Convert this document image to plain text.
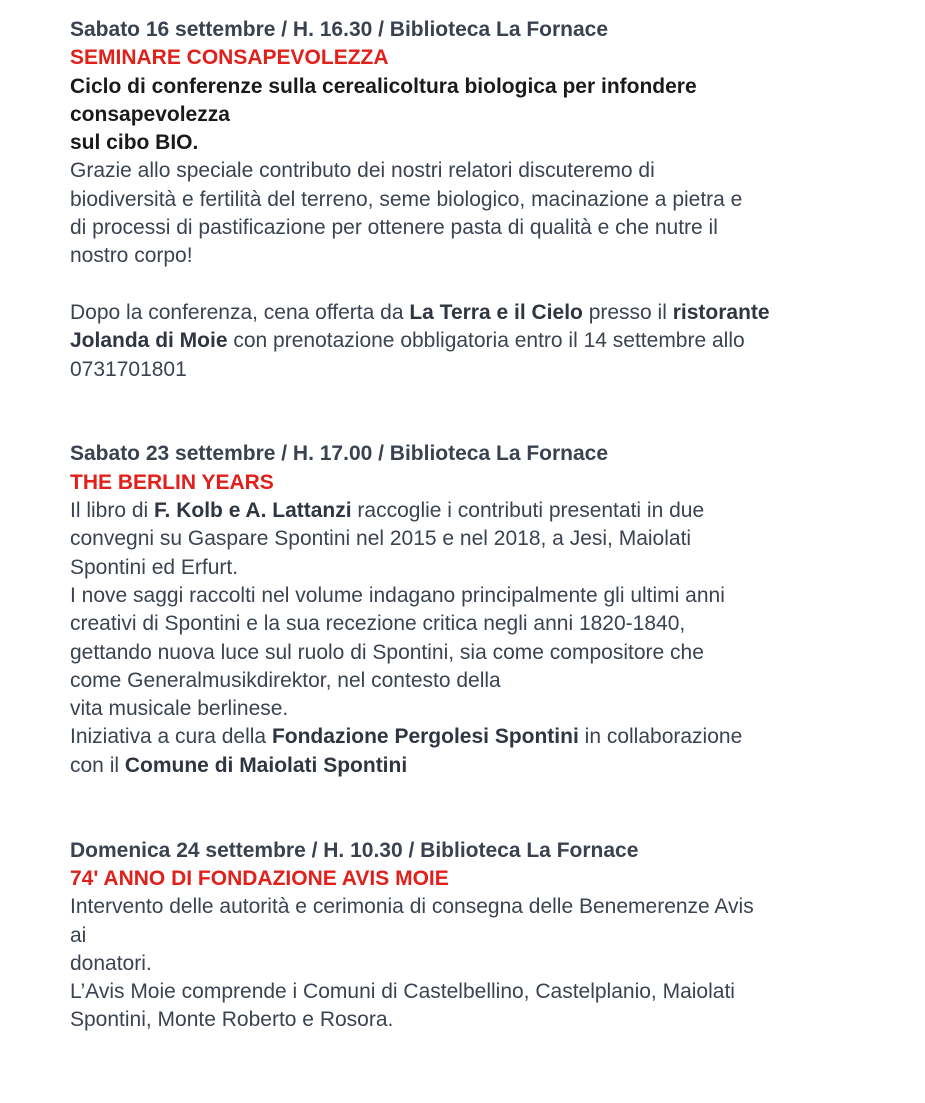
Sabato 16 settembre / H. 16.30 / Biblioteca La Fornace
SEMINARE CONSAPEVOLEZZA
Ciclo di conferenze sulla cerealicoltura biologica per infondere
consapevolezza
sul cibo BIO.
Grazie allo speciale contributo dei nostri relatori discuteremo di
biodiversità e fertilità del terreno, seme biologico, macinazione a pietra e
di processi di pastificazione per ottenere pasta di qualità e che nutre il
nostro corpo!
Dopo la conferenza, cena offerta da La Terra e il Cielo presso il ristorante
Jolanda di Moie con prenotazione obbligatoria entro il 14 settembre allo
0731701801
Sabato 23 settembre / H. 17.00 / Biblioteca La Fornace
THE BERLIN YEARS
Il libro di F. Kolb e A. Lattanzi raccoglie i contributi presentati in due
convegni su Gaspare Spontini nel 2015 e nel 2018, a Jesi, Maiolati
Spontini ed Erfurt.
I nove saggi raccolti nel volume indagano principalmente gli ultimi anni
creativi di Spontini e la sua recezione critica negli anni 1820-1840,
gettando nuova luce sul ruolo di Spontini, sia come compositore che
come Generalmusikdirektor, nel contesto della
vita musicale berlinese.
Iniziativa a cura della Fondazione Pergolesi Spontini in collaborazione
con il Comune di Maiolati Spontini
Domenica 24 settembre / H. 10.30 / Biblioteca La Fornace
74' ANNO DI FONDAZIONE AVIS MOIE
Intervento delle autorità e cerimonia di consegna delle Benemerenze Avis
ai
donatori.
L’Avis Moie comprende i Comuni di Castelbellino, Castelplanio, Maiolati
Spontini, Monte Roberto e Rosora.
